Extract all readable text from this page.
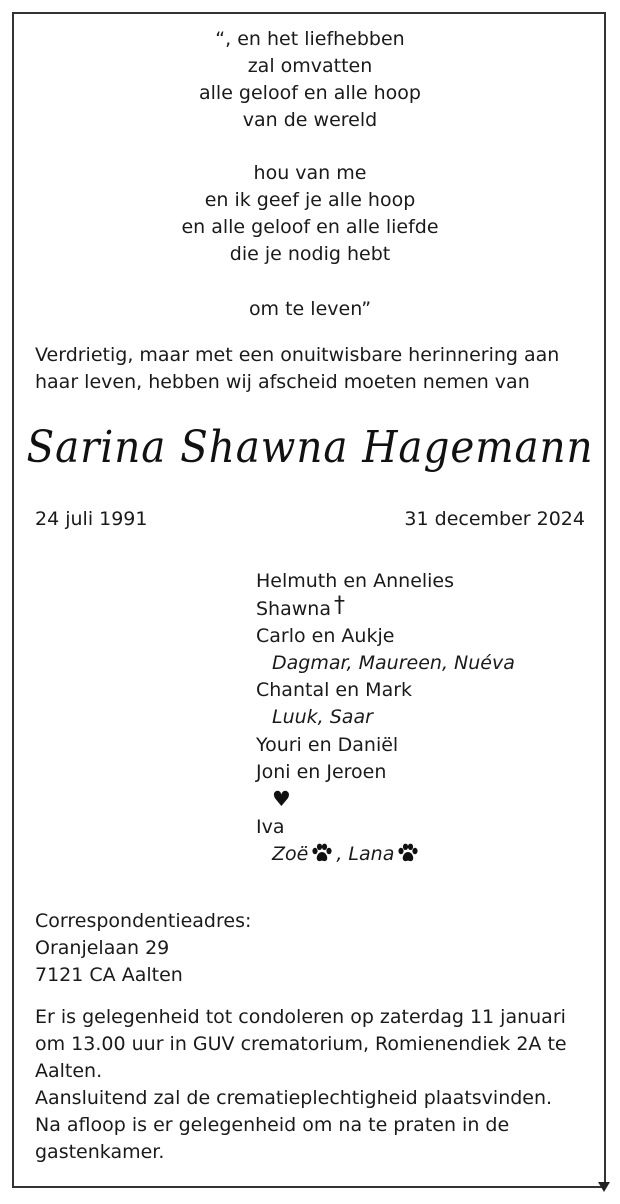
“, en het liefhebben
zal omvatten
alle geloof en alle hoop
van de wereld
hou van me
en ik geef je alle hoop
en alle geloof en alle liefde
die je nodig hebt
om te leven”
Verdrietig, maar met een onuitwisbare herinnering aan
haar leven, hebben wij afscheid moeten nemen van
Sarina Shawna Hagemann
24 juli 1991	31 december 2024
Helmuth en Annelies
Shawna †
Carlo en Aukje
Dagmar, Maureen, Nuéva
Chantal en Mark
Luuk, Saar
Youri en Daniël
Joni en Jeroen
♥
Iva
Zoë , Lana
Correspondentieadres:
Oranjelaan 29
7121 CA Aalten
Er is gelegenheid tot condoleren op zaterdag 11 januari
om 13.00 uur in GUV crematorium, Romienendiek 2A te
Aalten.
Aansluitend zal de crematieplechtigheid plaatsvinden.
Na afloop is er gelegenheid om na te praten in de
gastenkamer.
